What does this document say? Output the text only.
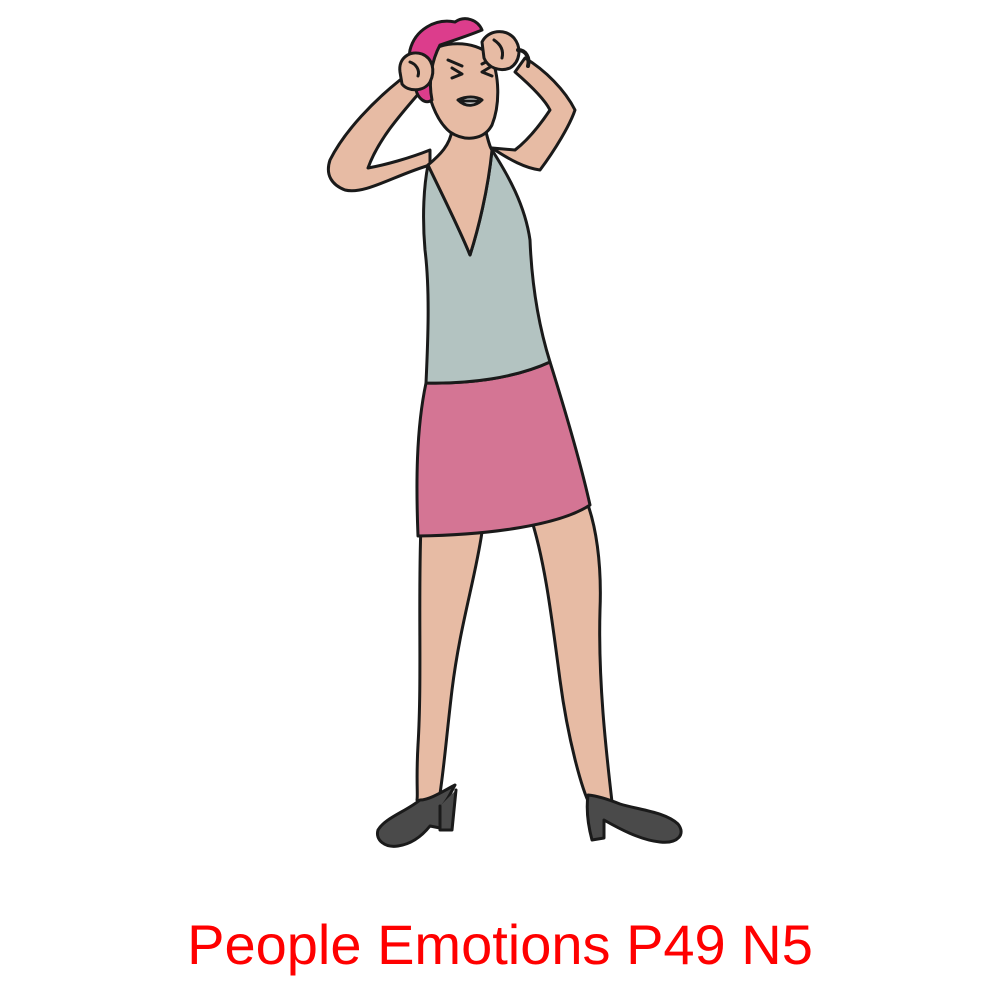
People Emotions P49 N5
